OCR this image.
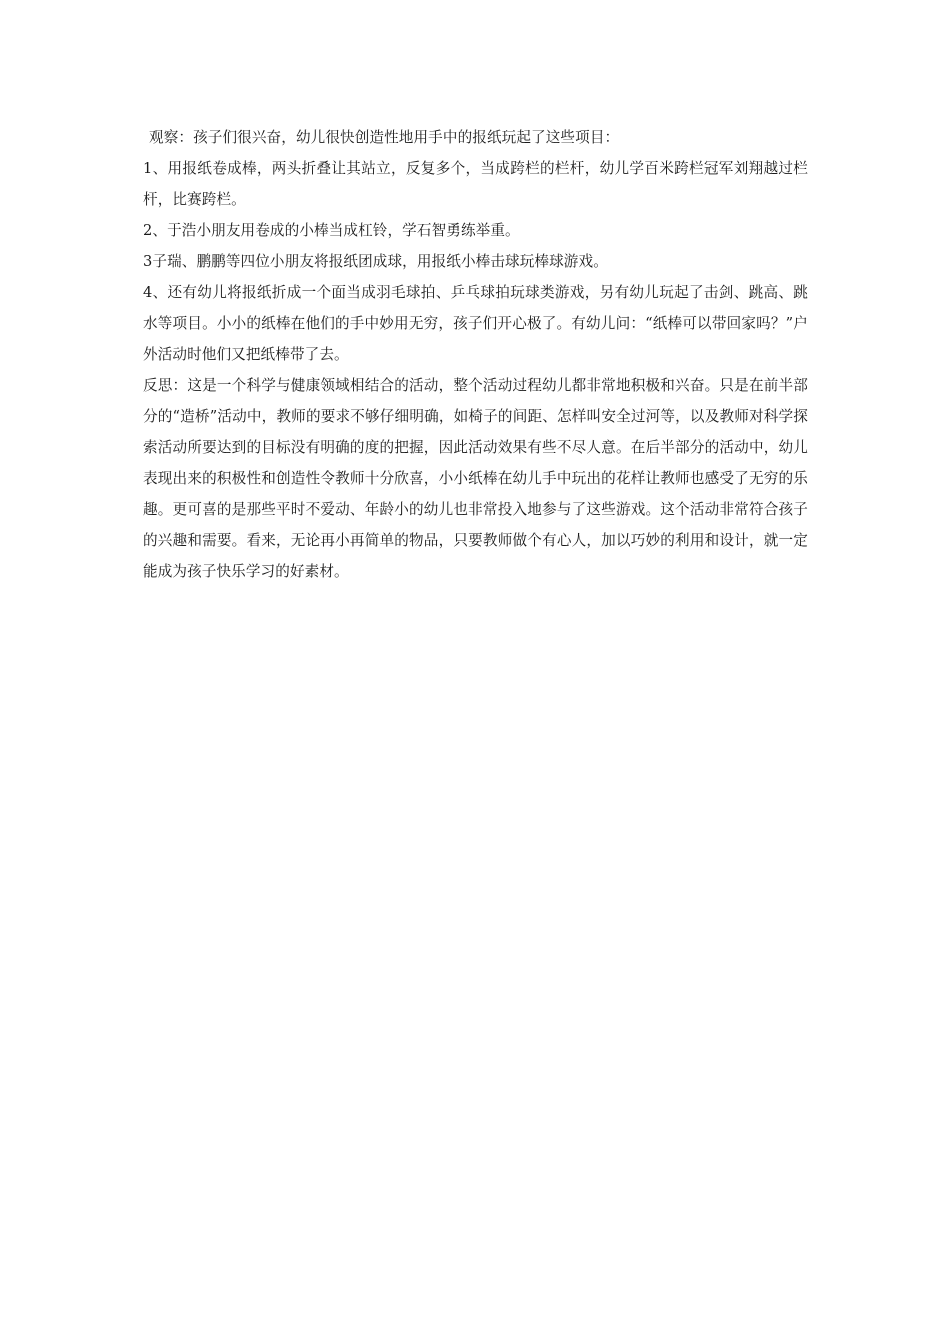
观察：孩子们很兴奋，幼儿很快创造性地用手中的报纸玩起了这些项目：

1、用报纸卷成棒，两头折叠让其站立，反复多个，当成跨栏的栏杆，幼儿学百米跨栏冠军刘翔越过栏杆，比赛跨栏。

2、于浩小朋友用卷成的小棒当成杠铃，学石智勇练举重。

3子瑞、鹏鹏等四位小朋友将报纸团成球，用报纸小棒击球玩棒球游戏。

4、还有幼儿将报纸折成一个面当成羽毛球拍、乒乓球拍玩球类游戏，另有幼儿玩起了击剑、跳高、跳水等项目。小小的纸棒在他们的手中妙用无穷，孩子们开心极了。有幼儿问：“纸棒可以带回家吗？”户外活动时他们又把纸棒带了去。

反思：这是一个科学与健康领域相结合的活动，整个活动过程幼儿都非常地积极和兴奋。只是在前半部分的“造桥”活动中，教师的要求不够仔细明确，如椅子的间距、怎样叫安全过河等，以及教师对科学探索活动所要达到的目标没有明确的度的把握，因此活动效果有些不尽人意。在后半部分的活动中，幼儿表现出来的积极性和创造性令教师十分欣喜，小小纸棒在幼儿手中玩出的花样让教师也感受了无穷的乐趣。更可喜的是那些平时不爱动、年龄小的幼儿也非常投入地参与了这些游戏。这个活动非常符合孩子的兴趣和需要。看来，无论再小再简单的物品，只要教师做个有心人，加以巧妙的利用和设计，就一定能成为孩子快乐学习的好素材。
